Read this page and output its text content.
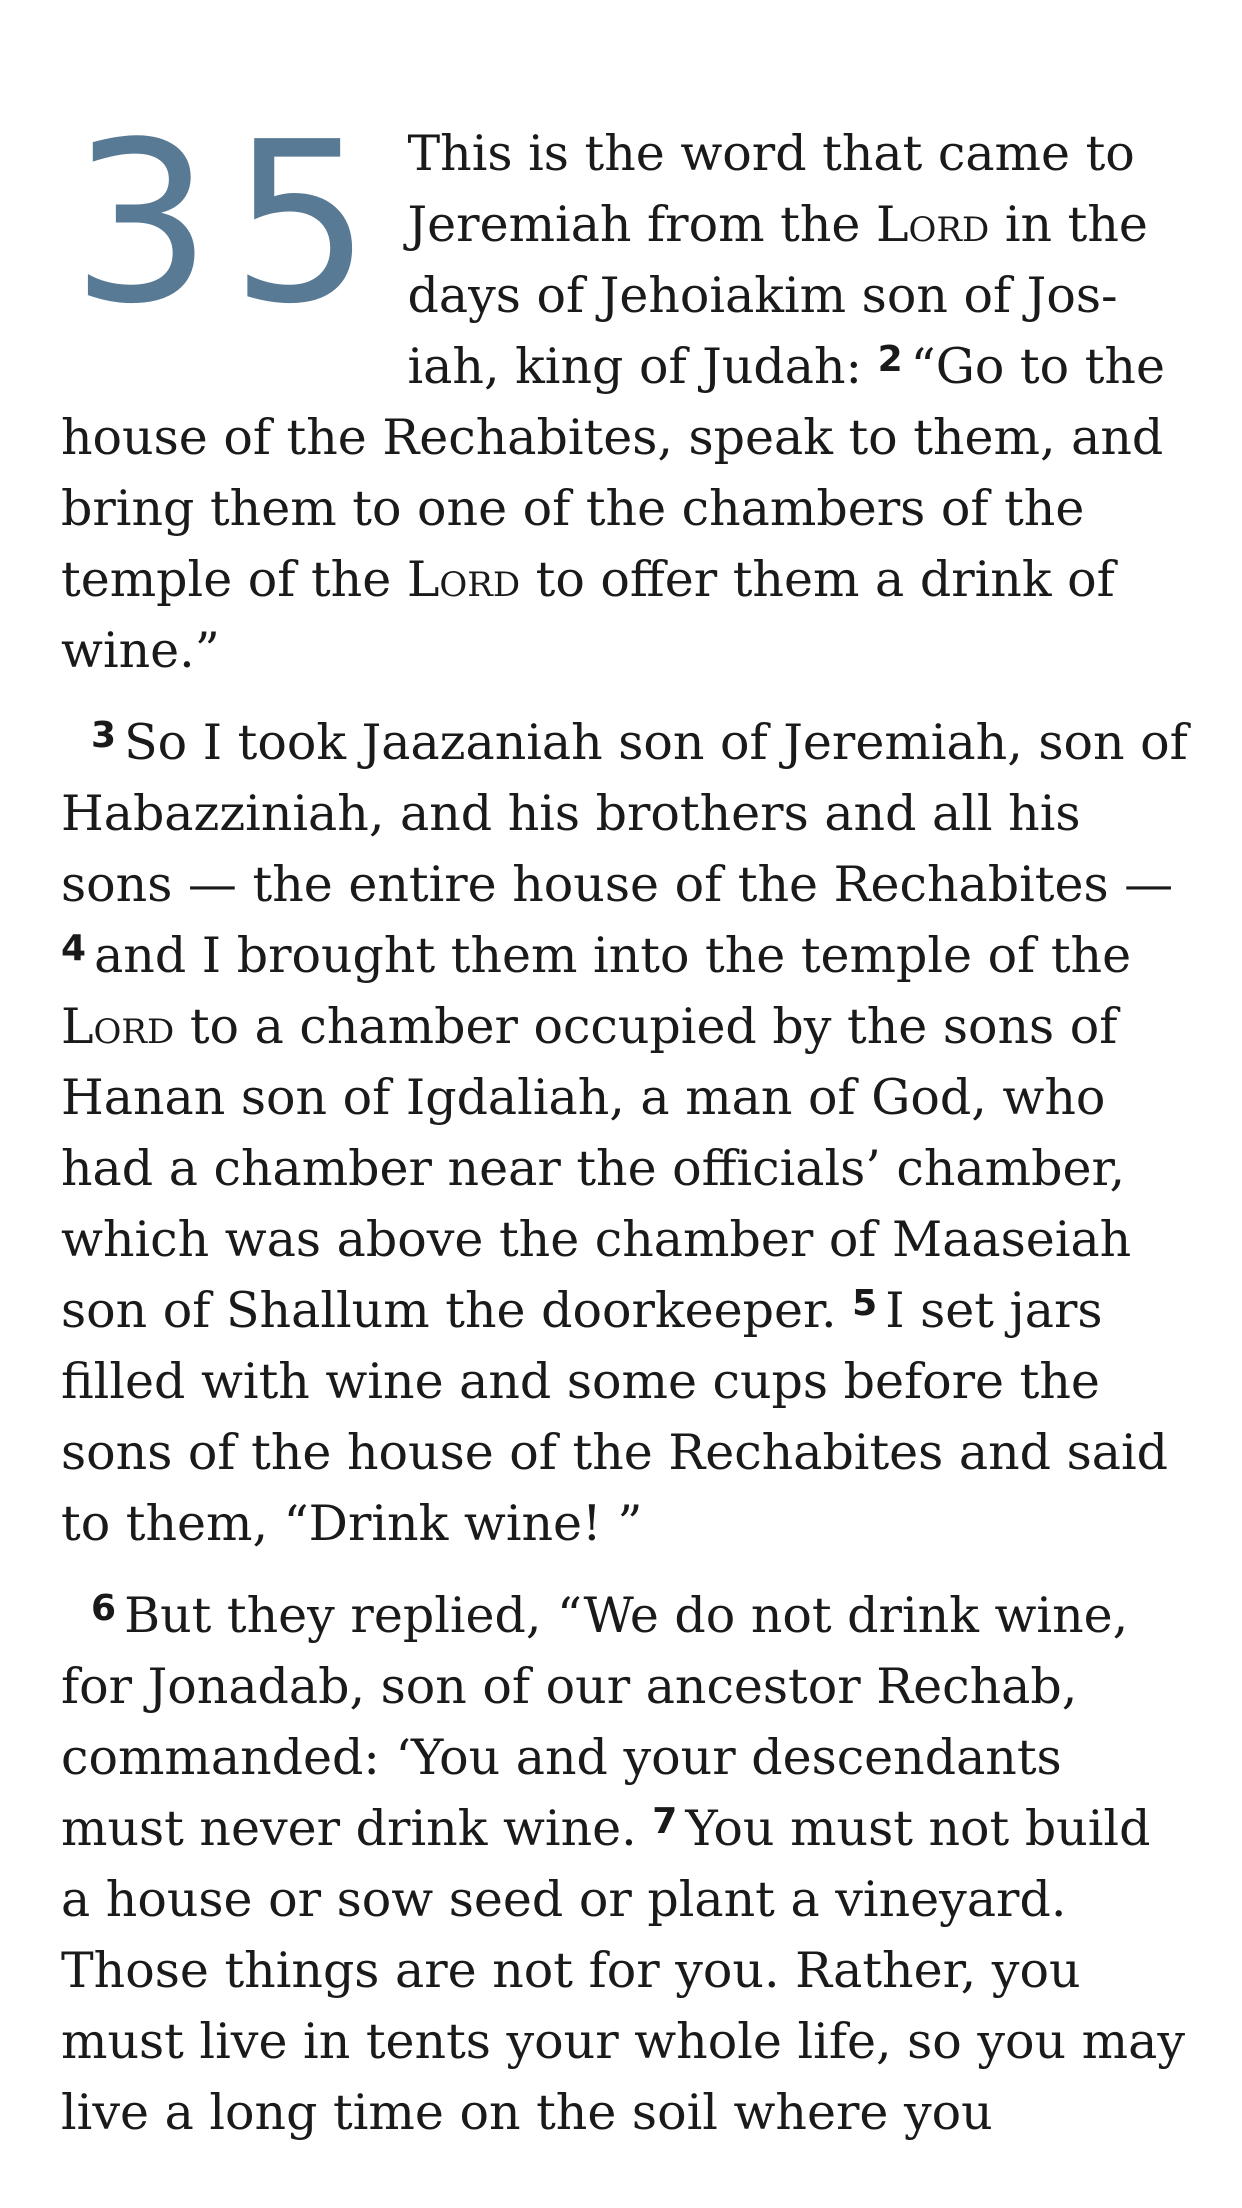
35 This is the word that came to Jeremiah from the Lord in the days of Jehoiakim son of Josiah, king of Judah: $^2$ “Go to the house of the Rechabites, speak to them, and bring them to one of the chambers of the temple of the Lord to offer them a drink of wine.”

$^3$ So I took Jaazaniah son of Jeremiah, son of Habazziniah, and his brothers and all his sons — the entire house of the Rechabites — $^4$ and I brought them into the temple of the Lord to a chamber occupied by the sons of Hanan son of Igdaliah, a man of God, who had a chamber near the officials’ chamber, which was above the chamber of Maaseiah son of Shallum the doorkeeper. $^5$ I set jars filled with wine and some cups before the sons of the house of the Rechabites and said to them, “Drink wine! ”

$^6$ But they replied, “We do not drink wine, for Jonadab, son of our ancestor Rechab, commanded: ‘You and your descendants must never drink wine. $^7$ You must not build a house or sow seed or plant a vineyard. Those things are not for you. Rather, you must live in tents your whole life, so you may live a long time on the soil where you
